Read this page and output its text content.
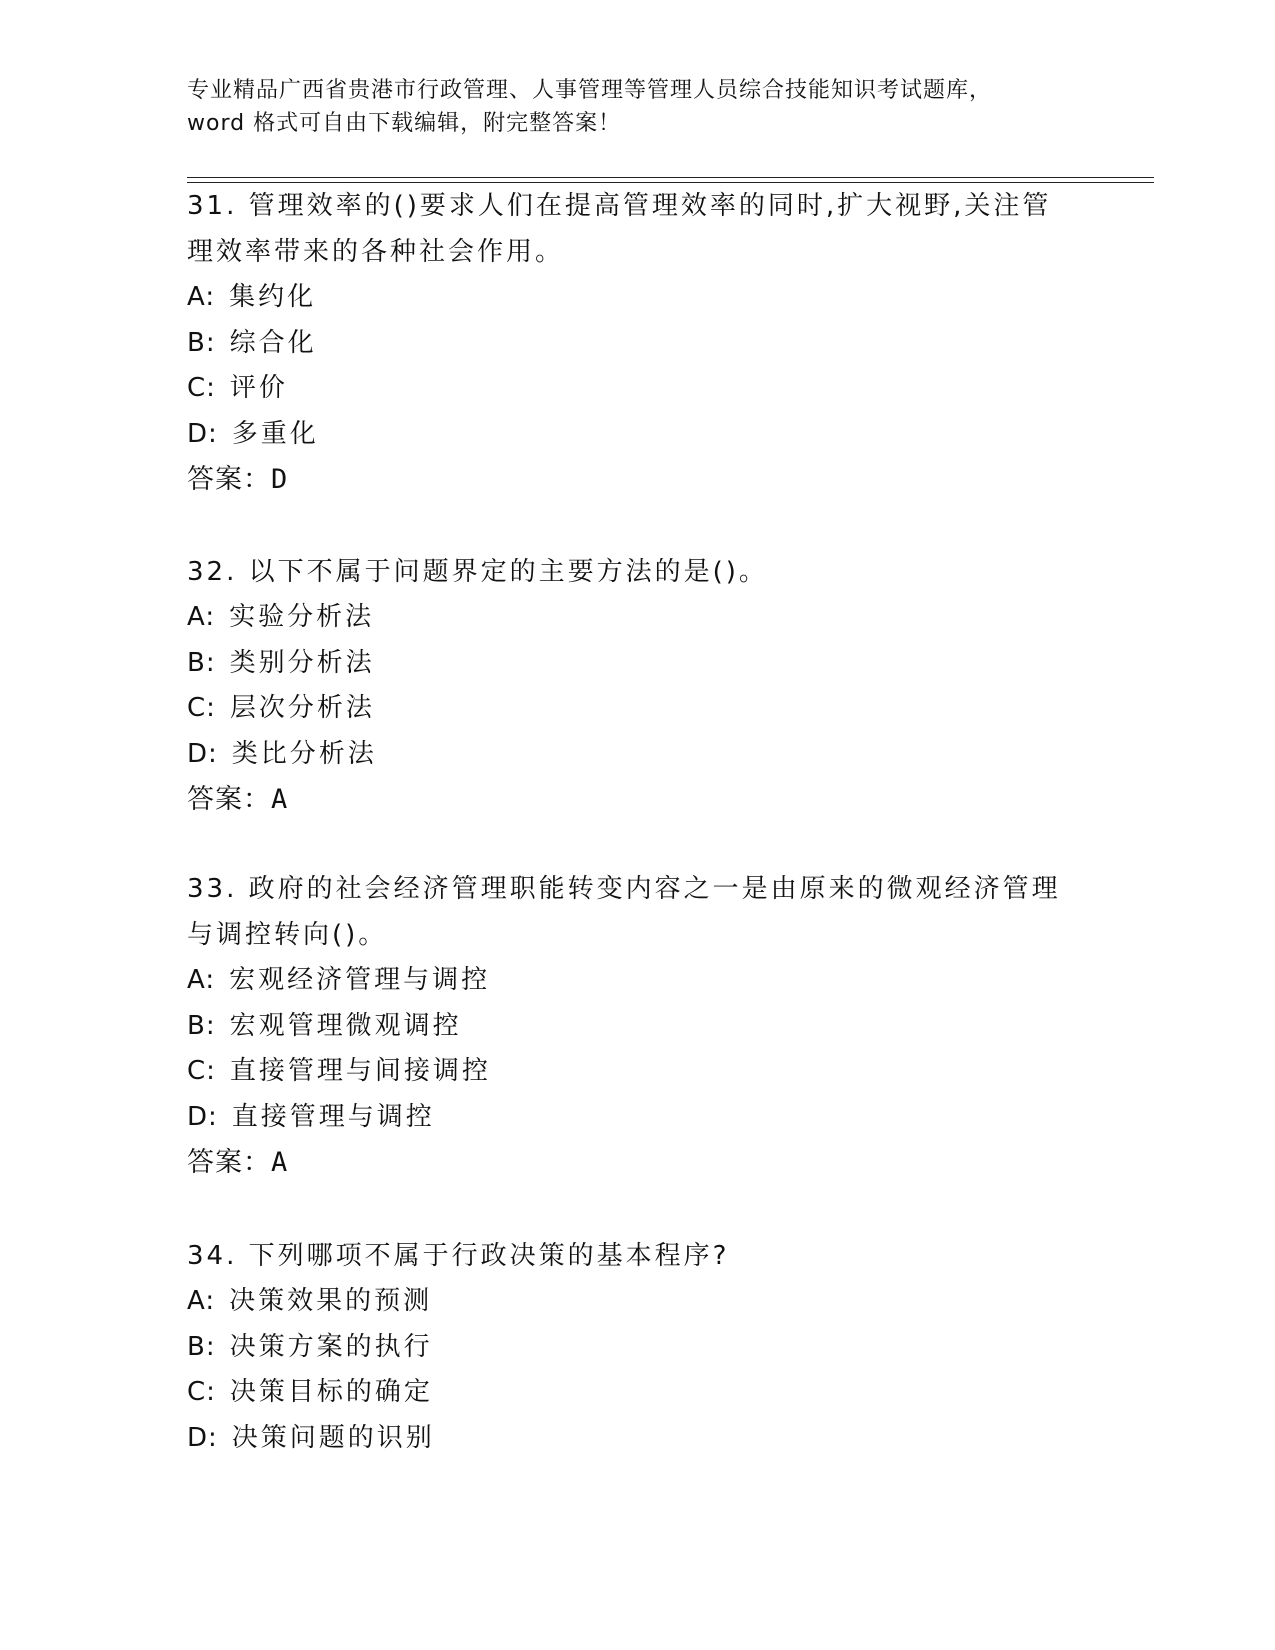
专业精品广西省贵港市行政管理、人事管理等管理人员综合技能知识考试题库，
word 格式可自由下载编辑，附完整答案！
31. 管理效率的()要求人们在提高管理效率的同时,扩大视野,关注管
理效率带来的各种社会作用。
A: 集约化
B: 综合化
C: 评价
D: 多重化
答案：D
32. 以下不属于问题界定的主要方法的是()。
A: 实验分析法
B: 类别分析法
C: 层次分析法
D: 类比分析法
答案：A
33. 政府的社会经济管理职能转变内容之一是由原来的微观经济管理
与调控转向()。
A: 宏观经济管理与调控
B: 宏观管理微观调控
C: 直接管理与间接调控
D: 直接管理与调控
答案：A
34. 下列哪项不属于行政决策的基本程序?
A: 决策效果的预测
B: 决策方案的执行
C: 决策目标的确定
D: 决策问题的识别
